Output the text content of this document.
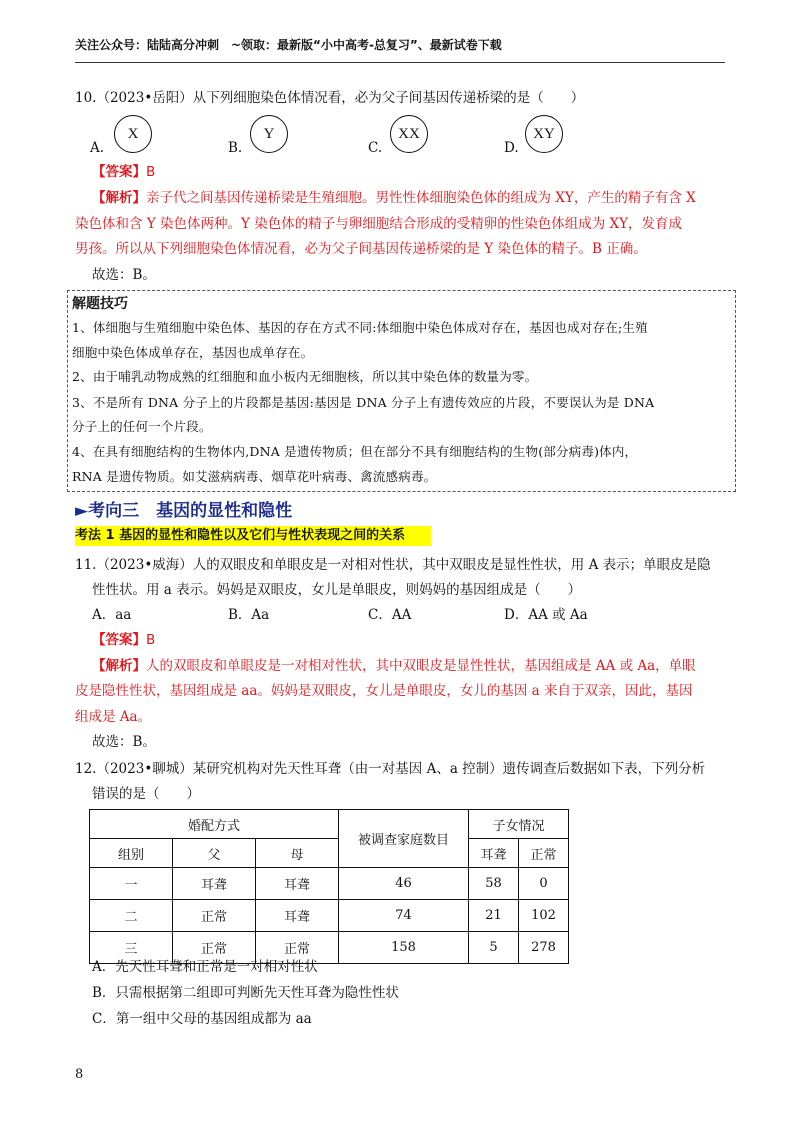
关注公众号：陆陆高分冲刺　~领取：最新版“小中高考-总复习”、最新试卷下载
10.（2023•岳阳）从下列细胞染色体情况看，必为父子间基因传递桥梁的是（　　）
A.
X
B.
Y
C.
XX
D.
XY
【答案】B
【解析】亲子代之间基因传递桥梁是生殖细胞。男性性体细胞染色体的组成为 XY，产生的精子有含 X
染色体和含 Y 染色体两种。Y 染色体的精子与卵细胞结合形成的受精卵的性染色体组成为 XY，发育成
男孩。所以从下列细胞染色体情况看，必为父子间基因传递桥梁的是 Y 染色体的精子。B 正确。
故选：B。
解题技巧
1、体细胞与生殖细胞中染色体、基因的存在方式不同:体细胞中染色体成对存在，基因也成对存在;生殖
细胞中染色体成单存在，基因也成单存在。
2、由于哺乳动物成熟的红细胞和血小板内无细胞核，所以其中染色体的数量为零。
3、不是所有 DNA 分子上的片段都是基因:基因是 DNA 分子上有遗传效应的片段，不要误认为是 DNA
分子上的任何一个片段。
4、在具有细胞结构的生物体内,DNA 是遗传物质；但在部分不具有细胞结构的生物(部分病毒)体内，
RNA 是遗传物质。如艾滋病病毒、烟草花叶病毒、禽流感病毒。
►考向三　基因的显性和隐性
考法 1 基因的显性和隐性以及它们与性状表现之间的关系
11.（2023•威海）人的双眼皮和单眼皮是一对相对性状，其中双眼皮是显性性状，用 A 表示；单眼皮是隐
性性状。用 a 表示。妈妈是双眼皮，女儿是单眼皮，则妈妈的基因组成是（　　）
A．aa	B．Aa	C．AA	D．AA 或 Aa
【答案】B
【解析】人的双眼皮和单眼皮是一对相对性状，其中双眼皮是显性性状，基因组成是 AA 或 Aa，单眼
皮是隐性性状，基因组成是 aa。妈妈是双眼皮，女儿是单眼皮，女儿的基因 a 来自于双亲，因此，基因
组成是 Aa。
故选：B。
12.（2023•聊城）某研究机构对先天性耳聋（由一对基因 A、a 控制）遗传调查后数据如下表，下列分析
错误的是（　　）
婚配方式			被调查家庭数目	子女情况	
组别	父	母		耳聋	正常
一	耳聋	耳聋	46	58	0
二	正常	耳聋	74	21	102
三	正常	正常	158	5	278
A．先天性耳聋和正常是一对相对性状
B．只需根据第二组即可判断先天性耳聋为隐性性状
C．第一组中父母的基因组成都为 aa
8
